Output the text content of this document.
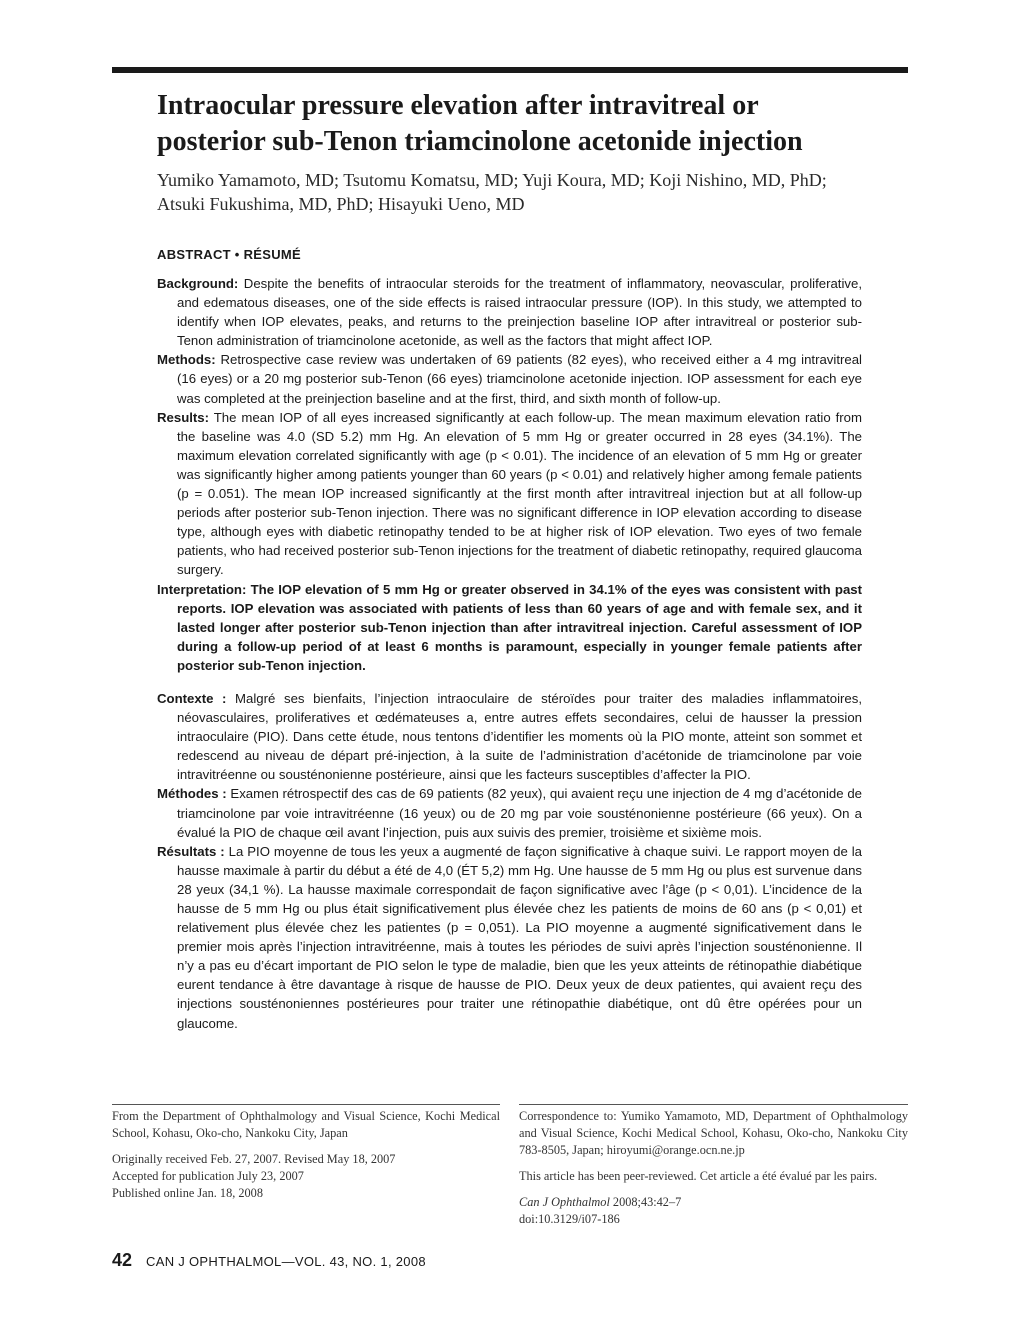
Intraocular pressure elevation after intravitreal or
posterior sub-Tenon triamcinolone acetonide injection
Yumiko Yamamoto, MD; Tsutomu Komatsu, MD; Yuji Koura, MD; Koji Nishino, MD, PhD;
Atsuki Fukushima, MD, PhD; Hisayuki Ueno, MD
ABSTRACT • RÉSUMÉ

Background: Despite the benefits of intraocular steroids for the treatment of inflammatory, neovascular, proliferative, and edematous diseases, one of the side effects is raised intraocular pressure (IOP). In this study, we attempted to identify when IOP elevates, peaks, and returns to the preinjection baseline IOP after intravitreal or posterior sub-Tenon administration of triamcinolone acetonide, as well as the factors that might affect IOP.

Methods: Retrospective case review was undertaken of 69 patients (82 eyes), who received either a 4 mg intravitreal (16 eyes) or a 20 mg posterior sub-Tenon (66 eyes) triamcinolone acetonide injection. IOP assessment for each eye was completed at the preinjection baseline and at the first, third, and sixth month of follow-up.

Results: The mean IOP of all eyes increased significantly at each follow-up. The mean maximum elevation ratio from the baseline was 4.0 (SD 5.2) mm Hg. An elevation of 5 mm Hg or greater occurred in 28 eyes (34.1%). The maximum elevation correlated significantly with age (p < 0.01). The incidence of an elevation of 5 mm Hg or greater was significantly higher among patients younger than 60 years (p < 0.01) and relatively higher among female patients (p = 0.051). The mean IOP increased significantly at the first month after intravitreal injection but at all follow-up periods after posterior sub-Tenon injection. There was no significant difference in IOP elevation according to disease type, although eyes with diabetic retinopathy tended to be at higher risk of IOP elevation. Two eyes of two female patients, who had received posterior sub-Tenon injections for the treatment of diabetic retinopathy, required glaucoma surgery.

Interpretation: The IOP elevation of 5 mm Hg or greater observed in 34.1% of the eyes was consistent with past reports. IOP elevation was associated with patients of less than 60 years of age and with female sex, and it lasted longer after posterior sub-Tenon injection than after intravitreal injection. Careful assessment of IOP during a follow-up period of at least 6 months is paramount, especially in younger female patients after posterior sub-Tenon injection.

Contexte : Malgré ses bienfaits, l’injection intraoculaire de stéroïdes pour traiter des maladies inflammatoires, néovasculaires, proliferatives et œdémateuses a, entre autres effets secondaires, celui de hausser la pression intraoculaire (PIO). Dans cette étude, nous tentons d’identifier les moments où la PIO monte, atteint son sommet et redescend au niveau de départ pré-injection, à la suite de l’administration d’acétonide de triamcinolone par voie intravitréenne ou sousténonienne postérieure, ainsi que les facteurs susceptibles d’affecter la PIO.

Méthodes : Examen rétrospectif des cas de 69 patients (82 yeux), qui avaient reçu une injection de 4 mg d’acétonide de triamcinolone par voie intravitréenne (16 yeux) ou de 20 mg par voie sousténonienne postérieure (66 yeux). On a évalué la PIO de chaque œil avant l’injection, puis aux suivis des premier, troisième et sixième mois.

Résultats : La PIO moyenne de tous les yeux a augmenté de façon significative à chaque suivi. Le rapport moyen de la hausse maximale à partir du début a été de 4,0 (ÉT 5,2) mm Hg. Une hausse de 5 mm Hg ou plus est survenue dans 28 yeux (34,1 %). La hausse maximale correspondait de façon significative avec l’âge (p < 0,01). L’incidence de la hausse de 5 mm Hg ou plus était significativement plus élevée chez les patients de moins de 60 ans (p < 0,01) et relativement plus élevée chez les patientes (p = 0,051). La PIO moyenne a augmenté significativement dans le premier mois après l’injection intravitréenne, mais à toutes les périodes de suivi après l’injection sousténonienne. Il n’y a pas eu d’écart important de PIO selon le type de maladie, bien que les yeux atteints de rétinopathie diabétique eurent tendance à être davantage à risque de hausse de PIO. Deux yeux de deux patientes, qui avaient reçu des injections sousténoniennes postérieures pour traiter une rétinopathie diabétique, ont dû être opérées pour un glaucome.

From the Department of Ophthalmology and Visual Science, Kochi Medical School, Kohasu, Oko-cho, Nankoku City, Japan

Originally received Feb. 27, 2007. Revised May 18, 2007

Accepted for publication July 23, 2007

Published online Jan. 18, 2008

Correspondence to: Yumiko Yamamoto, MD, Department of Ophthalmology and Visual Science, Kochi Medical School, Kohasu, Oko-cho, Nankoku City 783-8505, Japan; hiroyumi@orange.ocn.ne.jp

This article has been peer-reviewed. Cet article a été évalué par les pairs.

Can J Ophthalmol 2008;43:42–7

doi:10.3129/i07-186

42 CAN J OPHTHALMOL—VOL. 43, NO. 1, 2008
